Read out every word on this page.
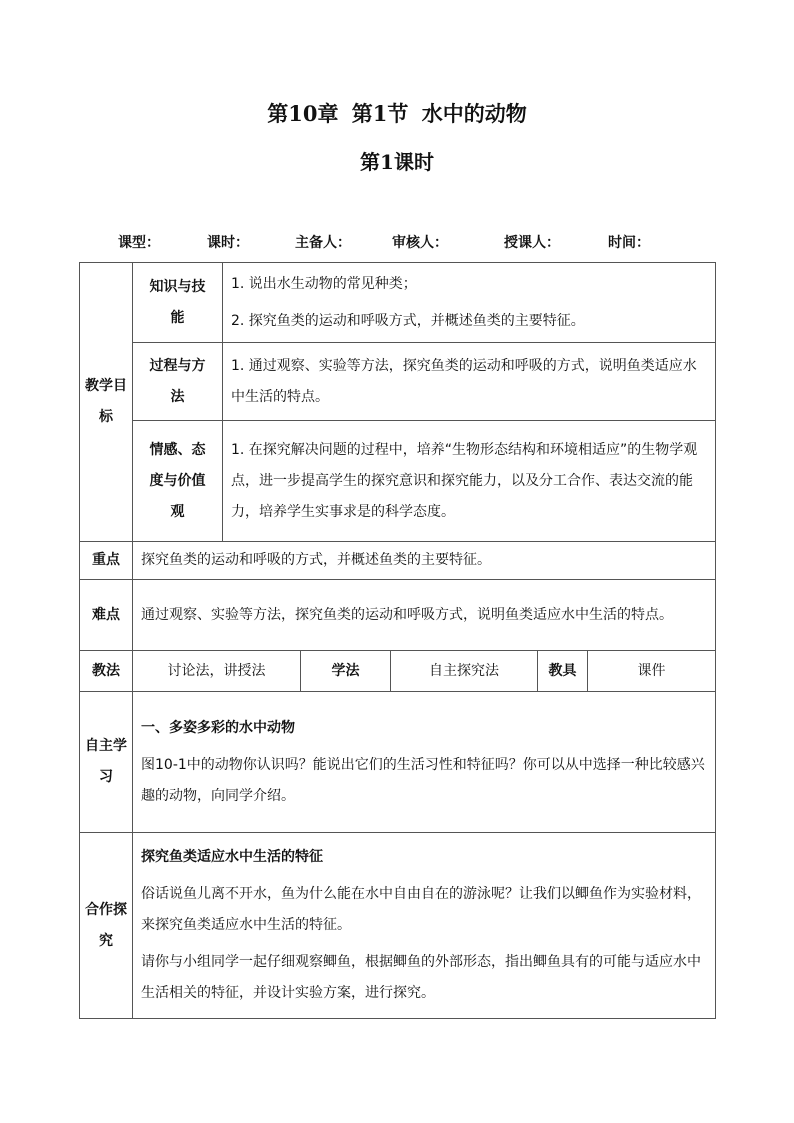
第10章 第1节 水中的动物
第1课时
课型：	课时：	主备人：	审核人：	授课人：	时间：
教学目标	知识与技能	1. 说出水生动物的常见种类；

2. 探究鱼类的运动和呼吸方式，并概述鱼类的主要特征。				

	过程与方法	1. 通过观察、实验等方法，探究鱼类的运动和呼吸的方式，说明鱼类适应水中生活的特点。				
	情感、态度与价值观	1. 在探究解决问题的过程中，培养“生物形态结构和环境相适应”的生物学观点，进一步提高学生的探究意识和探究能力，以及分工合作、表达交流的能力，培养学生实事求是的科学态度。				
重点	探究鱼类的运动和呼吸的方式，并概述鱼类的主要特征。					
难点	通过观察、实验等方法，探究鱼类的运动和呼吸方式，说明鱼类适应水中生活的特点。					
教法	讨论法，讲授法		学法	自主探究法	教具	课件
自主学习	一、多姿多彩的水中动物

图10-1中的动物你认识吗？能说出它们的生活习性和特征吗？你可以从中选择一种比较感兴趣的动物，向同学介绍。					

合作探究	探究鱼类适应水中生活的特征

俗话说鱼儿离不开水，鱼为什么能在水中自由自在的游泳呢？让我们以鲫鱼作为实验材料，来探究鱼类适应水中生活的特征。

请你与小组同学一起仔细观察鲫鱼，根据鲫鱼的外部形态，指出鲫鱼具有的可能与适应水中生活相关的特征，并设计实验方案，进行探究。					
